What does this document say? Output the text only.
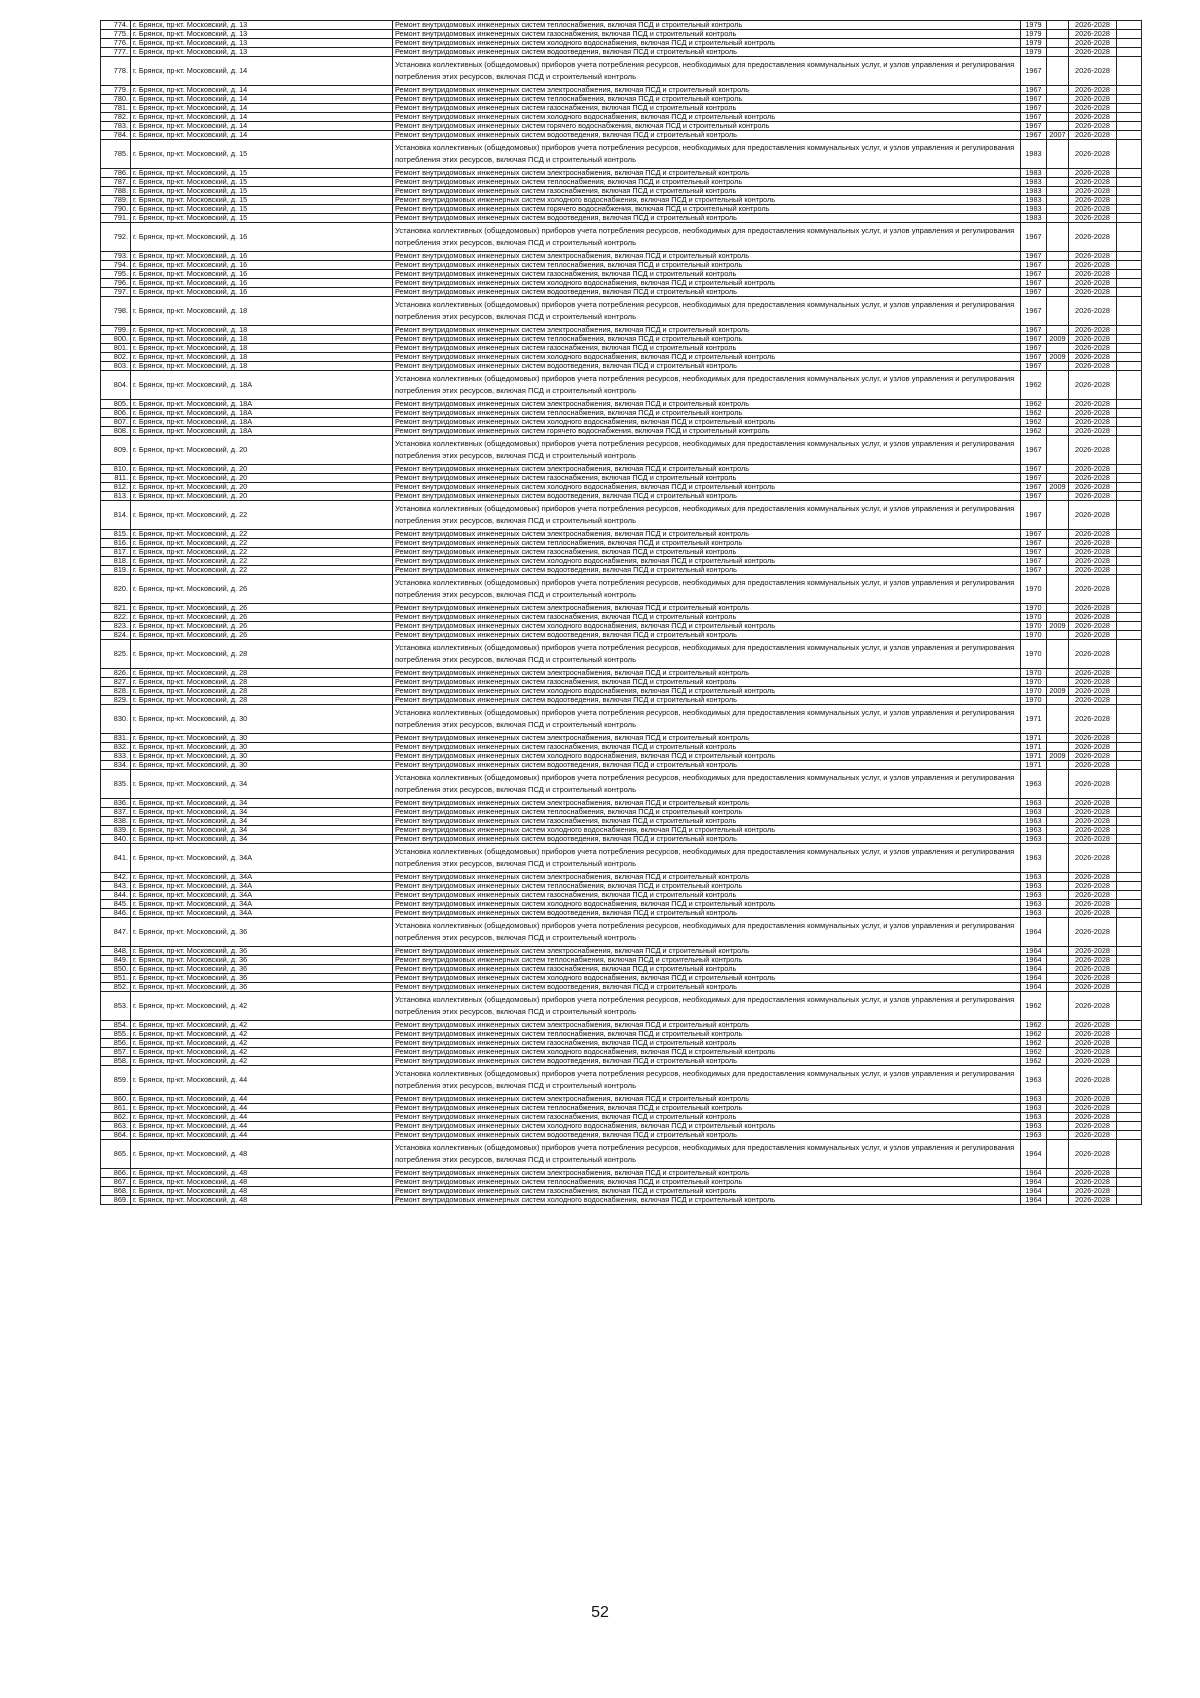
774.	г. Брянск, пр-кт. Московский, д. 13	Ремонт внутридомовых инженерных систем теплоснабжения, включая ПСД и строительный контроль	1979		2026-2028	
775.	г. Брянск, пр-кт. Московский, д. 13	Ремонт внутридомовых инженерных систем газоснабжения, включая ПСД и строительный контроль	1979		2026-2028	
776.	г. Брянск, пр-кт. Московский, д. 13	Ремонт внутридомовых инженерных систем холодного водоснабжения, включая ПСД и строительный контроль	1979		2026-2028	
777.	г. Брянск, пр-кт. Московский, д. 13	Ремонт внутридомовых инженерных систем водоотведения, включая ПСД и строительный контроль	1979		2026-2028	
778.	г. Брянск, пр-кт. Московский, д. 14	Установка коллективных (общедомовых) приборов учета потребления ресурсов, необходимых для предоставления коммунальных услуг, и узлов управления и регулирования потребления этих ресурсов, включая ПСД и строительный контроль	1967		2026-2028	
779.	г. Брянск, пр-кт. Московский, д. 14	Ремонт внутридомовых инженерных систем электроснабжения, включая ПСД и строительный контроль	1967		2026-2028	
780.	г. Брянск, пр-кт. Московский, д. 14	Ремонт внутридомовых инженерных систем теплоснабжения, включая ПСД и строительный контроль	1967		2026-2028	
781.	г. Брянск, пр-кт. Московский, д. 14	Ремонт внутридомовых инженерных систем газоснабжения, включая ПСД и строительный контроль	1967		2026-2028	
782.	г. Брянск, пр-кт. Московский, д. 14	Ремонт внутридомовых инженерных систем холодного водоснабжения, включая ПСД и строительный контроль	1967		2026-2028	
783.	г. Брянск, пр-кт. Московский, д. 14	Ремонт внутридомовых инженерных систем горячего водоснабжения, включая ПСД и строительный контроль	1967		2026-2028	
784.	г. Брянск, пр-кт. Московский, д. 14	Ремонт внутридомовых инженерных систем водоотведения, включая ПСД и строительный контроль	1967	2007	2026-2028	
785.	г. Брянск, пр-кт. Московский, д. 15	Установка коллективных (общедомовых) приборов учета потребления ресурсов, необходимых для предоставления коммунальных услуг, и узлов управления и регулирования потребления этих ресурсов, включая ПСД и строительный контроль	1983		2026-2028	
786.	г. Брянск, пр-кт. Московский, д. 15	Ремонт внутридомовых инженерных систем электроснабжения, включая ПСД и строительный контроль	1983		2026-2028	
787.	г. Брянск, пр-кт. Московский, д. 15	Ремонт внутридомовых инженерных систем теплоснабжения, включая ПСД и строительный контроль	1983		2026-2028	
788.	г. Брянск, пр-кт. Московский, д. 15	Ремонт внутридомовых инженерных систем газоснабжения, включая ПСД и строительный контроль	1983		2026-2028	
789.	г. Брянск, пр-кт. Московский, д. 15	Ремонт внутридомовых инженерных систем холодного водоснабжения, включая ПСД и строительный контроль	1983		2026-2028	
790.	г. Брянск, пр-кт. Московский, д. 15	Ремонт внутридомовых инженерных систем горячего водоснабжения, включая ПСД и строительный контроль	1983		2026-2028	
791.	г. Брянск, пр-кт. Московский, д. 15	Ремонт внутридомовых инженерных систем водоотведения, включая ПСД и строительный контроль	1983		2026-2028	
792.	г. Брянск, пр-кт. Московский, д. 16	Установка коллективных (общедомовых) приборов учета потребления ресурсов, необходимых для предоставления коммунальных услуг, и узлов управления и регулирования потребления этих ресурсов, включая ПСД и строительный контроль	1967		2026-2028	
793.	г. Брянск, пр-кт. Московский, д. 16	Ремонт внутридомовых инженерных систем электроснабжения, включая ПСД и строительный контроль	1967		2026-2028	
794.	г. Брянск, пр-кт. Московский, д. 16	Ремонт внутридомовых инженерных систем теплоснабжения, включая ПСД и строительный контроль	1967		2026-2028	
795.	г. Брянск, пр-кт. Московский, д. 16	Ремонт внутридомовых инженерных систем газоснабжения, включая ПСД и строительный контроль	1967		2026-2028	
796.	г. Брянск, пр-кт. Московский, д. 16	Ремонт внутридомовых инженерных систем холодного водоснабжения, включая ПСД и строительный контроль	1967		2026-2028	
797.	г. Брянск, пр-кт. Московский, д. 16	Ремонт внутридомовых инженерных систем водоотведения, включая ПСД и строительный контроль	1967		2026-2028	
798.	г. Брянск, пр-кт. Московский, д. 18	Установка коллективных (общедомовых) приборов учета потребления ресурсов, необходимых для предоставления коммунальных услуг, и узлов управления и регулирования потребления этих ресурсов, включая ПСД и строительный контроль	1967		2026-2028	
799.	г. Брянск, пр-кт. Московский, д. 18	Ремонт внутридомовых инженерных систем электроснабжения, включая ПСД и строительный контроль	1967		2026-2028	
800.	г. Брянск, пр-кт. Московский, д. 18	Ремонт внутридомовых инженерных систем теплоснабжения, включая ПСД и строительный контроль	1967	2009	2026-2028	
801.	г. Брянск, пр-кт. Московский, д. 18	Ремонт внутридомовых инженерных систем газоснабжения, включая ПСД и строительный контроль	1967		2026-2028	
802.	г. Брянск, пр-кт. Московский, д. 18	Ремонт внутридомовых инженерных систем холодного водоснабжения, включая ПСД и строительный контроль	1967	2009	2026-2028	
803.	г. Брянск, пр-кт. Московский, д. 18	Ремонт внутридомовых инженерных систем водоотведения, включая ПСД и строительный контроль	1967		2026-2028	
804.	г. Брянск, пр-кт. Московский, д. 18А	Установка коллективных (общедомовых) приборов учета потребления ресурсов, необходимых для предоставления коммунальных услуг, и узлов управления и регулирования потребления этих ресурсов, включая ПСД и строительный контроль	1962		2026-2028	
805.	г. Брянск, пр-кт. Московский, д. 18А	Ремонт внутридомовых инженерных систем электроснабжения, включая ПСД и строительный контроль	1962		2026-2028	
806.	г. Брянск, пр-кт. Московский, д. 18А	Ремонт внутридомовых инженерных систем теплоснабжения, включая ПСД и строительный контроль	1962		2026-2028	
807.	г. Брянск, пр-кт. Московский, д. 18А	Ремонт внутридомовых инженерных систем холодного водоснабжения, включая ПСД и строительный контроль	1962		2026-2028	
808.	г. Брянск, пр-кт. Московский, д. 18А	Ремонт внутридомовых инженерных систем горячего водоснабжения, включая ПСД и строительный контроль	1962		2026-2028	
809.	г. Брянск, пр-кт. Московский, д. 20	Установка коллективных (общедомовых) приборов учета потребления ресурсов, необходимых для предоставления коммунальных услуг, и узлов управления и регулирования потребления этих ресурсов, включая ПСД и строительный контроль	1967		2026-2028	
810.	г. Брянск, пр-кт. Московский, д. 20	Ремонт внутридомовых инженерных систем электроснабжения, включая ПСД и строительный контроль	1967		2026-2028	
811.	г. Брянск, пр-кт. Московский, д. 20	Ремонт внутридомовых инженерных систем газоснабжения, включая ПСД и строительный контроль	1967		2026-2028	
812.	г. Брянск, пр-кт. Московский, д. 20	Ремонт внутридомовых инженерных систем холодного водоснабжения, включая ПСД и строительный контроль	1967	2009	2026-2028	
813.	г. Брянск, пр-кт. Московский, д. 20	Ремонт внутридомовых инженерных систем водоотведения, включая ПСД и строительный контроль	1967		2026-2028	
814.	г. Брянск, пр-кт. Московский, д. 22	Установка коллективных (общедомовых) приборов учета потребления ресурсов, необходимых для предоставления коммунальных услуг, и узлов управления и регулирования потребления этих ресурсов, включая ПСД и строительный контроль	1967		2026-2028	
815.	г. Брянск, пр-кт. Московский, д. 22	Ремонт внутридомовых инженерных систем электроснабжения, включая ПСД и строительный контроль	1967		2026-2028	
816.	г. Брянск, пр-кт. Московский, д. 22	Ремонт внутридомовых инженерных систем теплоснабжения, включая ПСД и строительный контроль	1967		2026-2028	
817.	г. Брянск, пр-кт. Московский, д. 22	Ремонт внутридомовых инженерных систем газоснабжения, включая ПСД и строительный контроль	1967		2026-2028	
818.	г. Брянск, пр-кт. Московский, д. 22	Ремонт внутридомовых инженерных систем холодного водоснабжения, включая ПСД и строительный контроль	1967		2026-2028	
819.	г. Брянск, пр-кт. Московский, д. 22	Ремонт внутридомовых инженерных систем водоотведения, включая ПСД и строительный контроль	1967		2026-2028	
820.	г. Брянск, пр-кт. Московский, д. 26	Установка коллективных (общедомовых) приборов учета потребления ресурсов, необходимых для предоставления коммунальных услуг, и узлов управления и регулирования потребления этих ресурсов, включая ПСД и строительный контроль	1970		2026-2028	
821.	г. Брянск, пр-кт. Московский, д. 26	Ремонт внутридомовых инженерных систем электроснабжения, включая ПСД и строительный контроль	1970		2026-2028	
822.	г. Брянск, пр-кт. Московский, д. 26	Ремонт внутридомовых инженерных систем газоснабжения, включая ПСД и строительный контроль	1970		2026-2028	
823.	г. Брянск, пр-кт. Московский, д. 26	Ремонт внутридомовых инженерных систем холодного водоснабжения, включая ПСД и строительный контроль	1970	2009	2026-2028	
824.	г. Брянск, пр-кт. Московский, д. 26	Ремонт внутридомовых инженерных систем водоотведения, включая ПСД и строительный контроль	1970		2026-2028	
825.	г. Брянск, пр-кт. Московский, д. 28	Установка коллективных (общедомовых) приборов учета потребления ресурсов, необходимых для предоставления коммунальных услуг, и узлов управления и регулирования потребления этих ресурсов, включая ПСД и строительный контроль	1970		2026-2028	
826.	г. Брянск, пр-кт. Московский, д. 28	Ремонт внутридомовых инженерных систем электроснабжения, включая ПСД и строительный контроль	1970		2026-2028	
827.	г. Брянск, пр-кт. Московский, д. 28	Ремонт внутридомовых инженерных систем газоснабжения, включая ПСД и строительный контроль	1970		2026-2028	
828.	г. Брянск, пр-кт. Московский, д. 28	Ремонт внутридомовых инженерных систем холодного водоснабжения, включая ПСД и строительный контроль	1970	2009	2026-2028	
829.	г. Брянск, пр-кт. Московский, д. 28	Ремонт внутридомовых инженерных систем водоотведения, включая ПСД и строительный контроль	1970		2026-2028	
830.	г. Брянск, пр-кт. Московский, д. 30	Установка коллективных (общедомовых) приборов учета потребления ресурсов, необходимых для предоставления коммунальных услуг, и узлов управления и регулирования потребления этих ресурсов, включая ПСД и строительный контроль	1971		2026-2028	
831.	г. Брянск, пр-кт. Московский, д. 30	Ремонт внутридомовых инженерных систем электроснабжения, включая ПСД и строительный контроль	1971		2026-2028	
832.	г. Брянск, пр-кт. Московский, д. 30	Ремонт внутридомовых инженерных систем газоснабжения, включая ПСД и строительный контроль	1971		2026-2028	
833.	г. Брянск, пр-кт. Московский, д. 30	Ремонт внутридомовых инженерных систем холодного водоснабжения, включая ПСД и строительный контроль	1971	2009	2026-2028	
834.	г. Брянск, пр-кт. Московский, д. 30	Ремонт внутридомовых инженерных систем водоотведения, включая ПСД и строительный контроль	1971		2026-2028	
835.	г. Брянск, пр-кт. Московский, д. 34	Установка коллективных (общедомовых) приборов учета потребления ресурсов, необходимых для предоставления коммунальных услуг, и узлов управления и регулирования потребления этих ресурсов, включая ПСД и строительный контроль	1963		2026-2028	
836.	г. Брянск, пр-кт. Московский, д. 34	Ремонт внутридомовых инженерных систем электроснабжения, включая ПСД и строительный контроль	1963		2026-2028	
837.	г. Брянск, пр-кт. Московский, д. 34	Ремонт внутридомовых инженерных систем теплоснабжения, включая ПСД и строительный контроль	1963		2026-2028	
838.	г. Брянск, пр-кт. Московский, д. 34	Ремонт внутридомовых инженерных систем газоснабжения, включая ПСД и строительный контроль	1963		2026-2028	
839.	г. Брянск, пр-кт. Московский, д. 34	Ремонт внутридомовых инженерных систем холодного водоснабжения, включая ПСД и строительный контроль	1963		2026-2028	
840.	г. Брянск, пр-кт. Московский, д. 34	Ремонт внутридомовых инженерных систем водоотведения, включая ПСД и строительный контроль	1963		2026-2028	
841.	г. Брянск, пр-кт. Московский, д. 34А	Установка коллективных (общедомовых) приборов учета потребления ресурсов, необходимых для предоставления коммунальных услуг, и узлов управления и регулирования потребления этих ресурсов, включая ПСД и строительный контроль	1963		2026-2028	
842.	г. Брянск, пр-кт. Московский, д. 34А	Ремонт внутридомовых инженерных систем электроснабжения, включая ПСД и строительный контроль	1963		2026-2028	
843.	г. Брянск, пр-кт. Московский, д. 34А	Ремонт внутридомовых инженерных систем теплоснабжения, включая ПСД и строительный контроль	1963		2026-2028	
844.	г. Брянск, пр-кт. Московский, д. 34А	Ремонт внутридомовых инженерных систем газоснабжения, включая ПСД и строительный контроль	1963		2026-2028	
845.	г. Брянск, пр-кт. Московский, д. 34А	Ремонт внутридомовых инженерных систем холодного водоснабжения, включая ПСД и строительный контроль	1963		2026-2028	
846.	г. Брянск, пр-кт. Московский, д. 34А	Ремонт внутридомовых инженерных систем водоотведения, включая ПСД и строительный контроль	1963		2026-2028	
847.	г. Брянск, пр-кт. Московский, д. 36	Установка коллективных (общедомовых) приборов учета потребления ресурсов, необходимых для предоставления коммунальных услуг, и узлов управления и регулирования потребления этих ресурсов, включая ПСД и строительный контроль	1964		2026-2028	
848.	г. Брянск, пр-кт. Московский, д. 36	Ремонт внутридомовых инженерных систем электроснабжения, включая ПСД и строительный контроль	1964		2026-2028	
849.	г. Брянск, пр-кт. Московский, д. 36	Ремонт внутридомовых инженерных систем теплоснабжения, включая ПСД и строительный контроль	1964		2026-2028	
850.	г. Брянск, пр-кт. Московский, д. 36	Ремонт внутридомовых инженерных систем газоснабжения, включая ПСД и строительный контроль	1964		2026-2028	
851.	г. Брянск, пр-кт. Московский, д. 36	Ремонт внутридомовых инженерных систем холодного водоснабжения, включая ПСД и строительный контроль	1964		2026-2028	
852.	г. Брянск, пр-кт. Московский, д. 36	Ремонт внутридомовых инженерных систем водоотведения, включая ПСД и строительный контроль	1964		2026-2028	
853.	г. Брянск, пр-кт. Московский, д. 42	Установка коллективных (общедомовых) приборов учета потребления ресурсов, необходимых для предоставления коммунальных услуг, и узлов управления и регулирования потребления этих ресурсов, включая ПСД и строительный контроль	1962		2026-2028	
854.	г. Брянск, пр-кт. Московский, д. 42	Ремонт внутридомовых инженерных систем электроснабжения, включая ПСД и строительный контроль	1962		2026-2028	
855.	г. Брянск, пр-кт. Московский, д. 42	Ремонт внутридомовых инженерных систем теплоснабжения, включая ПСД и строительный контроль	1962		2026-2028	
856.	г. Брянск, пр-кт. Московский, д. 42	Ремонт внутридомовых инженерных систем газоснабжения, включая ПСД и строительный контроль	1962		2026-2028	
857.	г. Брянск, пр-кт. Московский, д. 42	Ремонт внутридомовых инженерных систем холодного водоснабжения, включая ПСД и строительный контроль	1962		2026-2028	
858.	г. Брянск, пр-кт. Московский, д. 42	Ремонт внутридомовых инженерных систем водоотведения, включая ПСД и строительный контроль	1962		2026-2028	
859.	г. Брянск, пр-кт. Московский, д. 44	Установка коллективных (общедомовых) приборов учета потребления ресурсов, необходимых для предоставления коммунальных услуг, и узлов управления и регулирования потребления этих ресурсов, включая ПСД и строительный контроль	1963		2026-2028	
860.	г. Брянск, пр-кт. Московский, д. 44	Ремонт внутридомовых инженерных систем электроснабжения, включая ПСД и строительный контроль	1963		2026-2028	
861.	г. Брянск, пр-кт. Московский, д. 44	Ремонт внутридомовых инженерных систем теплоснабжения, включая ПСД и строительный контроль	1963		2026-2028	
862.	г. Брянск, пр-кт. Московский, д. 44	Ремонт внутридомовых инженерных систем газоснабжения, включая ПСД и строительный контроль	1963		2026-2028	
863.	г. Брянск, пр-кт. Московский, д. 44	Ремонт внутридомовых инженерных систем холодного водоснабжения, включая ПСД и строительный контроль	1963		2026-2028	
864.	г. Брянск, пр-кт. Московский, д. 44	Ремонт внутридомовых инженерных систем водоотведения, включая ПСД и строительный контроль	1963		2026-2028	
865.	г. Брянск, пр-кт. Московский, д. 48	Установка коллективных (общедомовых) приборов учета потребления ресурсов, необходимых для предоставления коммунальных услуг, и узлов управления и регулирования потребления этих ресурсов, включая ПСД и строительный контроль	1964		2026-2028	
866.	г. Брянск, пр-кт. Московский, д. 48	Ремонт внутридомовых инженерных систем электроснабжения, включая ПСД и строительный контроль	1964		2026-2028	
867.	г. Брянск, пр-кт. Московский, д. 48	Ремонт внутридомовых инженерных систем теплоснабжения, включая ПСД и строительный контроль	1964		2026-2028	
868.	г. Брянск, пр-кт. Московский, д. 48	Ремонт внутридомовых инженерных систем газоснабжения, включая ПСД и строительный контроль	1964		2026-2028	
869.	г. Брянск, пр-кт. Московский, д. 48	Ремонт внутридомовых инженерных систем холодного водоснабжения, включая ПСД и строительный контроль	1964		2026-2028	
52
